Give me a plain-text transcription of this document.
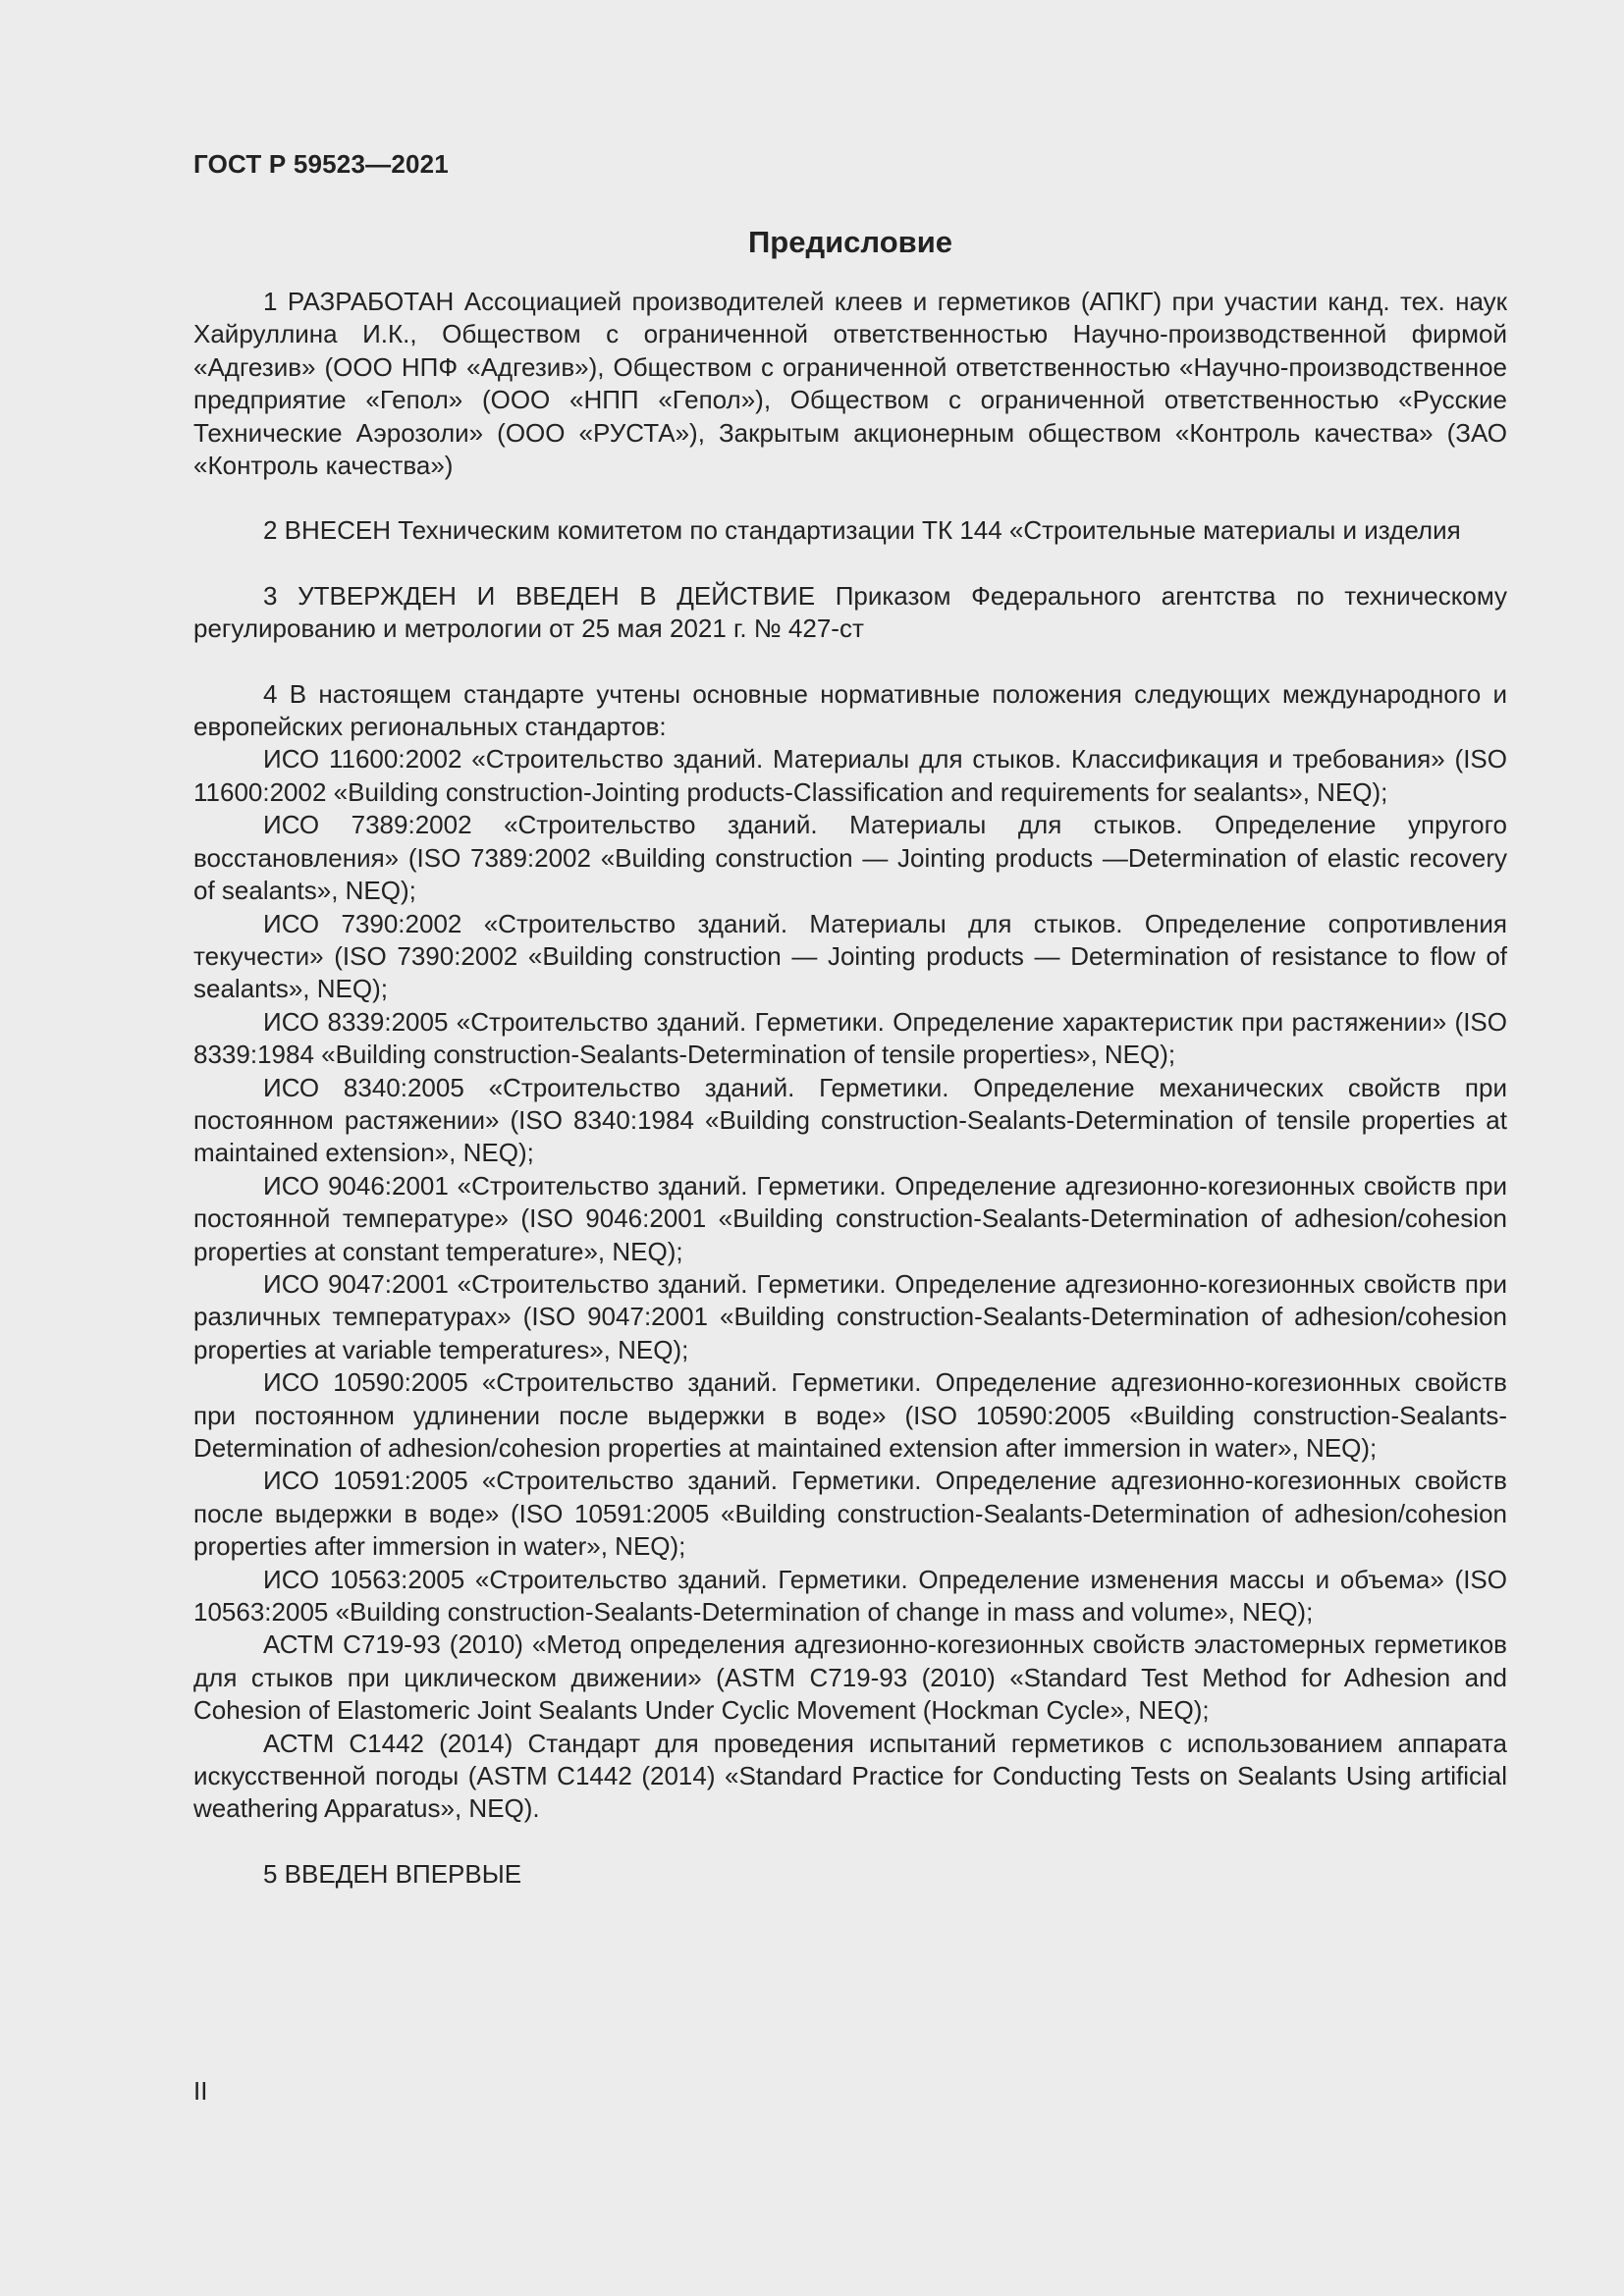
ГОСТ Р 59523—2021
Предисловие

1 РАЗРАБОТАН Ассоциацией производителей клеев и герметиков (АПКГ) при участии канд. тех. наук Хайруллина И.К., Обществом с ограниченной ответственностью Научно-производственной фирмой «Адгезив» (ООО НПФ «Адгезив»), Обществом с ограниченной ответственностью «Научно-производственное предприятие «Гепол» (ООО «НПП «Гепол»), Обществом с ограниченной ответственностью «Русские Технические Аэрозоли» (ООО «РУСТА»), Закрытым акционерным обществом «Контроль качества» (ЗАО «Контроль качества»)

2 ВНЕСЕН Техническим комитетом по стандартизации ТК 144 «Строительные материалы и изделия

3 УТВЕРЖДЕН И ВВЕДЕН В ДЕЙСТВИЕ Приказом Федерального агентства по техническому регулированию и метрологии от 25 мая 2021 г. № 427-ст

4 В настоящем стандарте учтены основные нормативные положения следующих международного и европейских региональных стандартов:

ИСО 11600:2002 «Строительство зданий. Материалы для стыков. Классификация и требования» (ISO 11600:2002 «Building construction-Jointing products-Classification and requirements for sealants», NEQ);

ИСО 7389:2002 «Строительство зданий. Материалы для стыков. Определение упругого восстановления» (ISO 7389:2002 «Building construction — Jointing products —Determination of elastic recovery of sealants», NEQ);

ИСО 7390:2002 «Строительство зданий. Материалы для стыков. Определение сопротивления текучести» (ISO 7390:2002 «Building construction — Jointing products — Determination of resistance to flow of sealants», NEQ);

ИСО 8339:2005 «Строительство зданий. Герметики. Определение характеристик при растяжении» (ISO 8339:1984 «Building construction-Sealants-Determination of tensile properties», NEQ);

ИСО 8340:2005 «Строительство зданий. Герметики. Определение механических свойств при постоянном растяжении» (ISO 8340:1984 «Building construction-Sealants-Determination of tensile properties at maintained extension», NEQ);

ИСО 9046:2001 «Строительство зданий. Герметики. Определение адгезионно-когезионных свойств при постоянной температуре» (ISO 9046:2001 «Building construction-Sealants-Determination of adhesion/cohesion properties at constant temperature», NEQ);

ИСО 9047:2001 «Строительство зданий. Герметики. Определение адгезионно-когезионных свойств при различных температурах» (ISO 9047:2001 «Building construction-Sealants-Determination of adhesion/cohesion properties at variable temperatures», NEQ);

ИСО 10590:2005 «Строительство зданий. Герметики. Определение адгезионно-когезионных свойств при постоянном удлинении после выдержки в воде» (ISO 10590:2005 «Building construction-Sealants-Determination of adhesion/cohesion properties at maintained extension after immersion in water», NEQ);

ИСО 10591:2005 «Строительство зданий. Герметики. Определение адгезионно-когезионных свойств после выдержки в воде» (ISO 10591:2005 «Building construction-Sealants-Determination of adhesion/cohesion properties after immersion in water», NEQ);

ИСО 10563:2005 «Строительство зданий. Герметики. Определение изменения массы и объема» (ISO 10563:2005 «Building construction-Sealants-Determination of change in mass and volume», NEQ);

АСТМ С719-93 (2010) «Метод определения адгезионно-когезионных свойств эластомерных герметиков для стыков при циклическом движении» (ASTM C719-93 (2010) «Standard Test Method for Adhesion and Cohesion of Elastomeric Joint Sealants Under Cyclic Movement (Hockman Cycle», NEQ);

АСТМ С1442 (2014) Стандарт для проведения испытаний герметиков с использованием аппарата искусственной погоды (ASTM C1442 (2014) «Standard Practice for Conducting Tests on Sealants Using artificial weathering Apparatus», NEQ).

5 ВВЕДЕН ВПЕРВЫЕ

II
